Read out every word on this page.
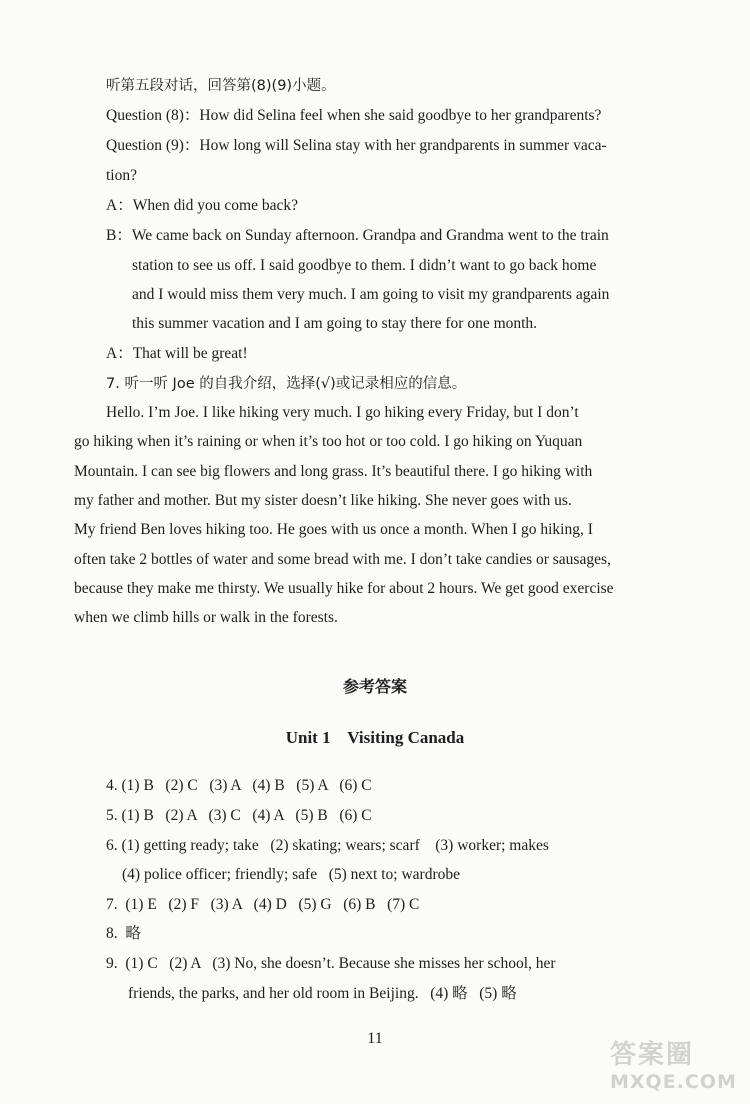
听第五段对话，回答第(8)(9)小题。
Question (8)：How did Selina feel when she said goodbye to her grandparents?
Question (9)：How long will Selina stay with her grandparents in summer vaca-
tion?
A：When did you come back?
B：We came back on Sunday afternoon. Grandpa and Grandma went to the train
station to see us off. I said goodbye to them. I didn’t want to go back home
and I would miss them very much. I am going to visit my grandparents again
this summer vacation and I am going to stay there for one month.
A：That will be great!
7. 听一听 Joe 的自我介绍，选择(√)或记录相应的信息。
Hello. I’m Joe. I like hiking very much. I go hiking every Friday, but I don’t
go hiking when it’s raining or when it’s too hot or too cold. I go hiking on Yuquan
Mountain. I can see big flowers and long grass. It’s beautiful there. I go hiking with
my father and mother. But my sister doesn’t like hiking. She never goes with us.
My friend Ben loves hiking too. He goes with us once a month. When I go hiking, I
often take 2 bottles of water and some bread with me. I don’t take candies or sausages,
because they make me thirsty. We usually hike for about 2 hours. We get good exercise
when we climb hills or walk in the forests.
参考答案
Unit 1    Visiting Canada
4. (1) B   (2) C   (3) A   (4) B   (5) A   (6) C
5. (1) B   (2) A   (3) C   (4) A   (5) B   (6) C
6. (1) getting ready; take   (2) skating; wears; scarf    (3) worker; makes
(4) police officer; friendly; safe   (5) next to; wardrobe
7.  (1) E   (2) F   (3) A   (4) D   (5) G   (6) B   (7) C
8.  略
9.  (1) C   (2) A   (3) No, she doesn’t. Because she misses her school, her
friends, the parks, and her old room in Beijing.   (4) 略   (5) 略
11
答案圈
MXQE.COM
